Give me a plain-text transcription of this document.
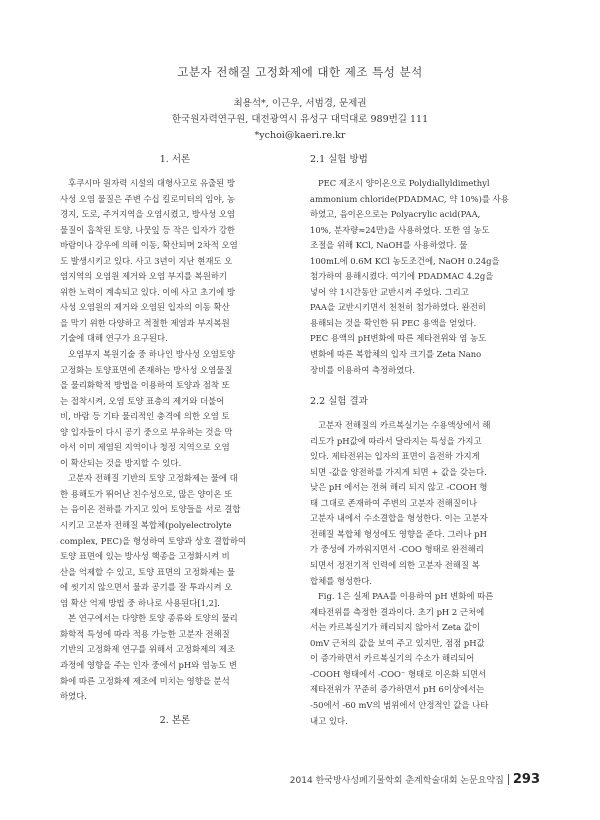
고분자 전해질 고정화제에 대한 제조 특성 분석
최용석*, 이근우, 서범경, 문제권
한국원자력연구원, 대전광역시 유성구 대덕대로 989번길 111
*ychoi@kaeri.re.kr
1. 서론
후쿠시마 원자력 시설의 대형사고로 유출된 방
사성 오염 물질은 주변 수십 킬로미터의 임야, 농
경지, 도로, 주거지역을 오염시켰고, 방사성 오염
물질이 흡착된 토양, 나뭇잎 등 작은 입자가 강한
바람이나 강우에 의해 이동, 확산되며 2차적 오염
도 발생시키고 있다. 사고 3년이 지난 현재도 오
염지역의 오염원 제거와 오염 부지를 복원하기
위한 노력이 계속되고 있다. 이에 사고 초기에 방
사성 오염원의 제거와 오염된 입자의 이동 확산
을 막기 위한 다양하고 적절한 제염과 부지복원
기술에 대해 연구가 요구된다.
오염부지 복원기술 중 하나인 방사성 오염토양
고정화는 토양표면에 존재하는 방사성 오염물질
을 물리화학적 방법을 이용하여 토양과 점착 또
는 접착시켜, 오염 토양 표층의 제거와 더불어
비, 바람 등 기타 물리적인 충격에 의한 오염 토
양 입자들이 다시 공기 중으로 부유하는 것을 막
아서 이미 제염된 지역이나 청정 지역으로 오염
이 확산되는 것을 방지할 수 있다.
고분자 전해질 기반의 토양 고정화제는 물에 대
한 용해도가 뛰어난 친수성으로, 많은 양이온 또
는 음이온 전하를 가지고 있어 토양들을 서로 결합
시키고 고분자 전해질 복합체(polyelectrolyte
complex, PEC)을 형성하여 토양과 상호 결합하여
토양 표면에 있는 방사성 핵종을 고정화시켜 비
산을 억제할 수 있고, 토양 표면의 고정화제는 물
에 씻기지 않으면서 물과 공기를 잘 투과시켜 오
염 확산 억제 방법 중 하나로 사용된다[1,2].
본 연구에서는 다양한 토양 종류와 토양의 물리
화학적 특성에 따라 적용 가능한 고분자 전해질
기반의 고정화제 연구를 위해서 고정화제의 제조
과정에 영향을 주는 인자 중에서 pH와 염농도 변
화에 따른 고정화제 제조에 미치는 영향을 분석
하였다.
2. 본론
2.1 실험 방법
PEC 제조시 양이온으로 Polydiallyldimethyl
ammonium chloride(PDADMAC, 약 10%)를 사용
하였고, 음이온으로는 Polyacrylic acid(PAA,
10%, 분자량≈24만)을 사용하였다. 또한 염 농도
조절을 위해 KCl, NaOH를 사용하였다. 물
100mL에 0.6M KCl 농도조건에, NaOH 0.24g을
첨가하여 용해시켰다. 여기에 PDADMAC 4.2g을
넣어 약 1시간동안 교반시켜 주었다. 그리고
PAA을 교반시키면서 천천히 첨가하였다. 완전히
용해되는 것을 확인한 뒤 PEC 용액을 얻었다.
PEC 용액의 pH변화에 따른 제타전위와 염 농도
변화에 따른 복합체의 입자 크기를 Zeta Nano
장비를 이용하여 측정하였다.
2.2 실험 결과
고분자 전해질의 카르복실기는 수용액상에서 해
리도가 pH값에 따라서 달라지는 특성을 가지고
있다. 제타전위는 입자의 표면이 음전하 가지게
되면 -값을 양전하를 가지게 되면 + 값을 갖는다.
낮은 pH 에서는 전혀 해리 되지 않고 -COOH 형
태 그대로 존재하여 주변의 고분자 전해질이나
고분자 내에서 수소결합을 형성한다. 이는 고분자
전해질 복합체 형성에도 영향을 준다. 그러나 pH
가 중성에 가까워지면서 -COO 형태로 완전해리
되면서 정전기적 인력에 의한 고분자 전해질 복
합체를 형성한다.
Fig. 1은 실제 PAA를 이용하여 pH 변화에 따른
제타전위를 측정한 결과이다. 초기 pH 2 근처에
서는 카르복실기가 해리되지 않아서 Zeta 값이
0mV 근처의 값을 보여 주고 있지만, 점점 pH값
이 증가하면서 카르복실기의 수소가 해리되어
-COOH 형태에서 -COO⁻ 형태로 이온화 되면서
제타전위가 꾸준히 증가하면서 pH 6이상에서는
-50에서 -60 mV의 범위에서 안정적인 값을 나타
내고 있다.
2014 한국방사성폐기물학회 춘계학술대회 논문요약집 293
